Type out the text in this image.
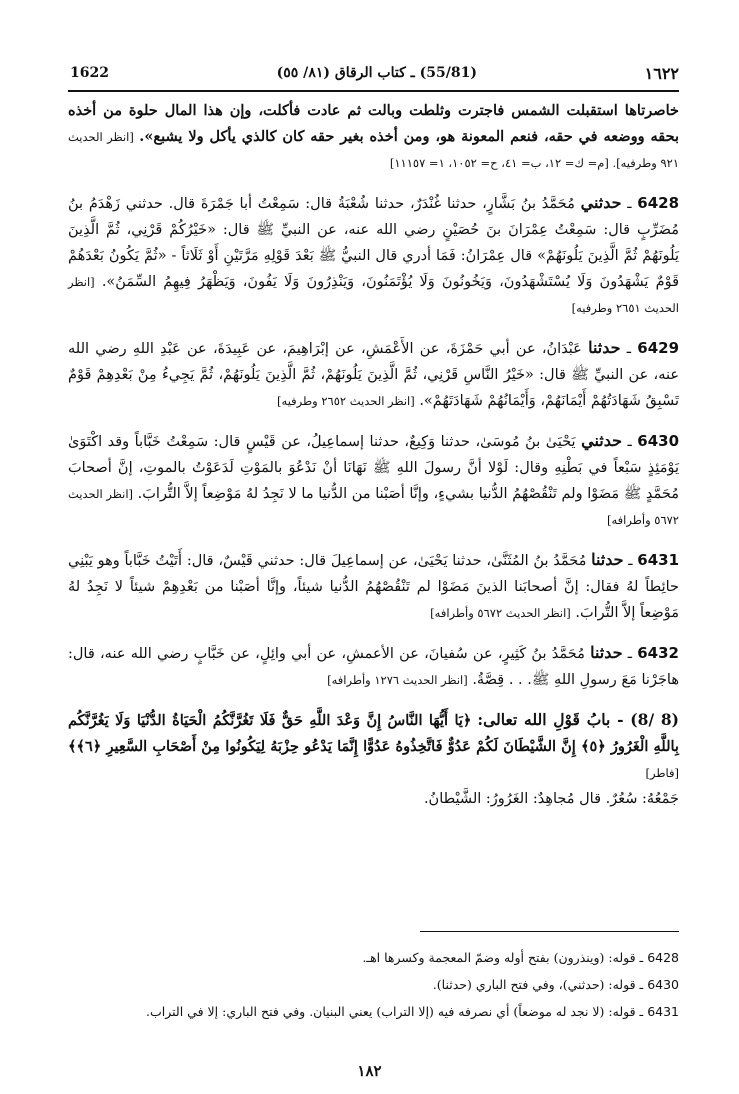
1622	(55/81) ـ كتاب الرقاق (٨١/ ٥٥)	١٦٢٢
خاصرتاها استقبلت الشمس فاجترت وثلطت وبالت ثم عادت فأكلت، وإن هذا المال حلوة من أخذه بحقه ووضعه في حقه، فنعم المعونة هو، ومن أخذه بغير حقه كان كالذي يأكل ولا يشبع». [انظر الحديث ٩٢١ وطرفيه]. [م= ك= ١٢، ب= ٤١، ح= ١٠٥٢، ١= ١١١٥٧]
6428 ـ حدثني مُحَمَّدُ بنُ بَشَّارٍ، حدثنا غُنْدَرٌ، حدثنا شُعْبَةُ قال: سَمِعْتُ أبا جَمْرَةَ قال. حدثني زَهْدَمُ بنُ مُضَرِّبٍ قال: سَمِعْتُ عِمْرَانَ بنَ حُصَيْنٍ رضي الله عنه، عن النبيِّ ﷺ قال: «خَيْرُكُمْ قَرْنِي، ثُمَّ الَّذِينَ يَلُونَهُمْ ثُمَّ الَّذِينَ يَلُونَهُمْ» قال عِمْرَانُ: فَمَا أدري قال النبيُّ ﷺ بَعْدَ قَوْلِهِ مَرَّتَيْنِ أَوْ ثَلَاثاً - «ثُمَّ يَكُونُ بَعْدَهُمْ قَوْمٌ يَشْهَدُونَ وَلَا يُسْتَشْهَدُونَ، وَيَخُونُونَ وَلَا يُؤْتَمَنُونَ، وَيَنْذِرُونَ وَلَا يَفُونَ، وَيَظْهَرُ فِيهِمُ السِّمَنُ». [انظر الحديث ٢٦٥١ وطرفيه]
6429 ـ حدثنا عَبْدَانُ، عن أبي حَمْزَةَ، عن الأَعْمَشِ، عن إبْرَاهِيمَ، عن عَبِيدَةَ، عن عَبْدِ اللهِ رضي الله عنه، عن النبيِّ ﷺ قال: «خَيْرُ النَّاسِ قَرْنِي، ثُمَّ الَّذِينَ يَلُونَهُمْ، ثُمَّ الَّذِينَ يَلُونَهُمْ، ثُمَّ يَجِيءُ مِنْ بَعْدِهِمْ قَوْمٌ تَسْبِقُ شَهَادَتُهُمْ أَيْمَانَهُمْ، وَأَيْمَانُهُمْ شَهَادَتَهُمْ». [انظر الحديث ٢٦٥٢ وطرفيه]
6430 ـ حدثني يَحْيَىٰ بنُ مُوسَىٰ، حدثنا وَكِيعٌ، حدثنا إسماعِيلُ، عن قَيْسٍ قال: سَمِعْتُ خَبَّاباً وقد اكْتَوَىٰ يَوْمَئِذٍ سَبْعاً في بَطْنِهِ وقال: لَوْلا أنَّ رسولَ اللهِ ﷺ نَهَانَا أنْ نَدْعُوَ بالمَوْتِ لَدَعَوْتُ بالموتِ، إنَّ أصحابَ مُحَمَّدٍ ﷺ مَضَوْا ولم تَنْقُصْهُمُ الدُّنيا بشيءٍ، وإنَّا أصَبْنا من الدُّنيا ما لا نَجِدُ لهُ مَوْضِعاً إلاَّ التُّرابَ. [انظر الحديث ٥٦٧٢ وأطرافه]
6431 ـ حدثنا مُحَمَّدُ بنُ المُثَنَّىٰ، حدثنا يَحْيَىٰ، عن إسماعِيلَ قال: حدثني قَيْسٌ، قال: أَتَيْتُ خَبَّاباً وهو يَبْنِي حائِطاً لهُ فقال: إنَّ أصحابَنا الذينَ مَضَوْا لم تَنْقُصْهُمُ الدُّنيا شيئاً، وإنَّا أصَبْنا من بَعْدِهِمْ شيئاً لا نَجِدُ لهُ مَوْضِعاً إلاَّ التُّرابَ. [انظر الحديث ٥٦٧٢ وأطرافه]
6432 ـ حدثنا مُحَمَّدُ بنُ كَثِيرٍ، عن سُفيانَ، عن الأعمشِ، عن أبي وائِلٍ، عن خَبَّابٍ رضي الله عنه، قال: هاجَرْنا مَعَ رسولِ اللهِ ﷺ. . . قِصَّةُ. [انظر الحديث ١٢٧٦ وأطرافه]
(8 /8) - بابُ قَوْلِ الله تعالى: ﴿يَا أَيُّهَا النَّاسُ إِنَّ وَعْدَ اللَّهِ حَقٌّ فَلَا تَغُرَّنَّكُمُ الْحَيَاةُ الدُّنْيَا وَلَا يَغُرَّنَّكُم بِاللَّهِ الْغَرُورُ ﴿٥﴾ إِنَّ الشَّيْطَانَ لَكُمْ عَدُوٌّ فَاتَّخِذُوهُ عَدُوًّا إِنَّمَا يَدْعُو حِزْبَهُ لِيَكُونُوا مِنْ أَصْحَابِ السَّعِيرِ ﴿٦﴾﴾ [فاطر]
جَمْعُهُ: سُعُرٌ. قال مُجاهِدٌ: الغَرُورُ: الشَّيْطانُ.

6428 ـ قوله: (وينذرون) بفتح أوله وضمّ المعجمة وكسرها اهـ.

6430 ـ قوله: (حدثني)، وفي فتح الباري (حدثنا).

6431 ـ قوله: (لا نجد له موضعاً) أي نصرفه فيه (إلا التراب) يعني البنيان. وفي فتح الباري: إلا في التراب.

١٨٢
